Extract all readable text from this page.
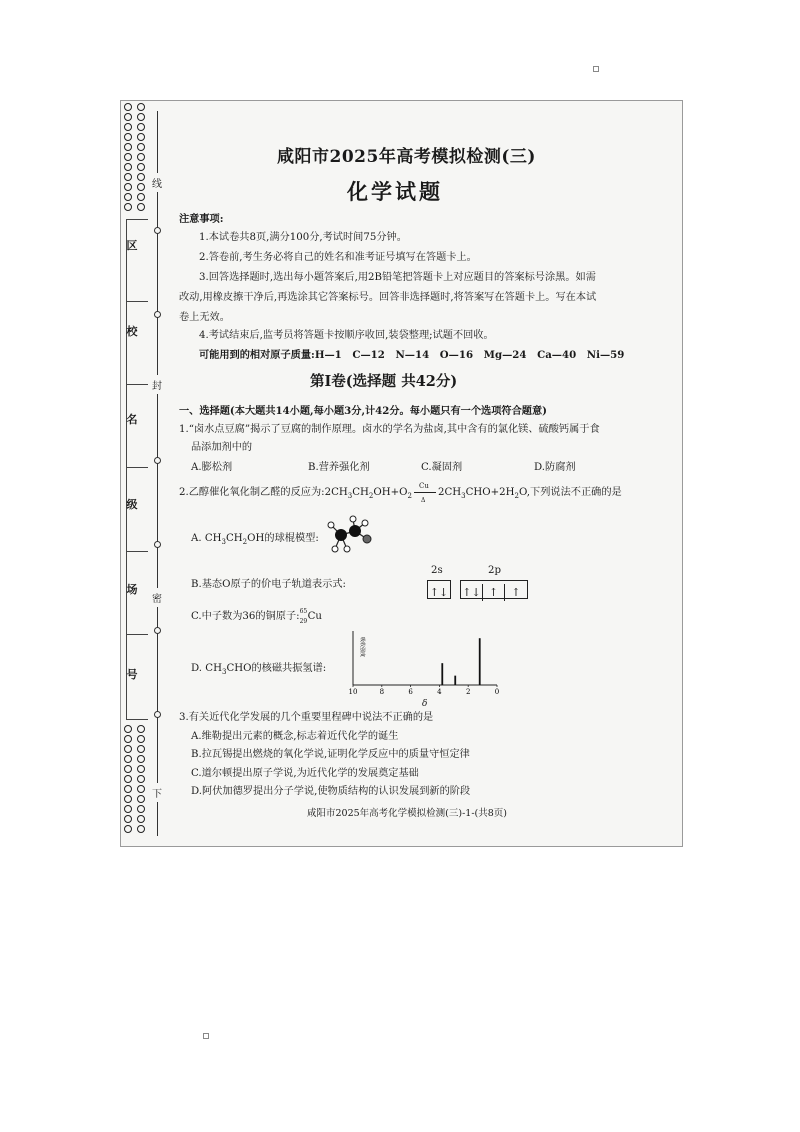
区
校
名
级
场
号
线
封
密
下
咸阳市2025年高考模拟检测(三)
化学试题
注意事项:
1.本试卷共8页,满分100分,考试时间75分钟。
2.答卷前,考生务必将自己的姓名和准考证号填写在答题卡上。
3.回答选择题时,选出每小题答案后,用2B铅笔把答题卡上对应题目的答案标号涂黑。如需
改动,用橡皮擦干净后,再选涂其它答案标号。回答非选择题时,将答案写在答题卡上。写在本试
卷上无效。
4.考试结束后,监考员将答题卡按顺序收回,装袋整理;试题不回收。
可能用到的相对原子质量:H—1   C—12   N—14   O—16   Mg—24   Ca—40   Ni—59
第Ⅰ卷(选择题 共42分)
一、选择题(本大题共14小题,每小题3分,计42分。每小题只有一个选项符合题意)
1.“卤水点豆腐”揭示了豆腐的制作原理。卤水的学名为盐卤,其中含有的氯化镁、硫酸钙属于食
品添加剂中的
A.膨松剂	B.营养强化剂	C.凝固剂	D.防腐剂
2.乙醇催化氧化制乙醛的反应为$:2CH_3CH_2OH+O_2 \frac{Cu}{\Delta} 2CH_3CHO+2H_2O$,下列说法不正确的是
A. $CH_3CH_2OH$的球棍模型:
B.基态O原子的价电子轨道表示式:
2s	2p
↑↓ ↑↓ ↑ ↑
C.中子数为36的铜原子: 65
29 Cu
D. $CH_3CHO$的核磁共振氢谱:
吸收强度
10	8	6	4	2	0
δ
3.有关近代化学发展的几个重要里程碑中说法不正确的是
A.维勒提出元素的概念,标志着近代化学的诞生
B.拉瓦锡提出燃烧的氧化学说,证明化学反应中的质量守恒定律
C.道尔顿提出原子学说,为近代化学的发展奠定基础
D.阿伏加德罗提出分子学说,使物质结构的认识发展到新的阶段
咸阳市2025年高考化学模拟检测(三)-1-(共8页)
